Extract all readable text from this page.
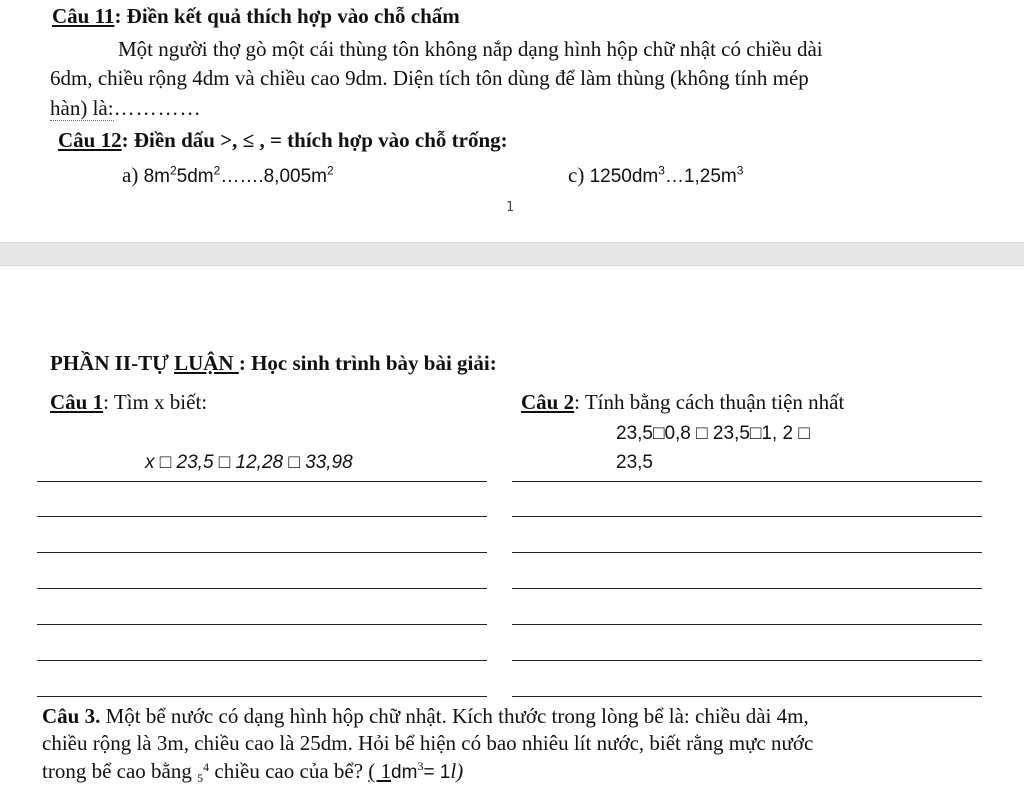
Câu 11: Điền kết quả thích hợp vào chỗ chấm
Một người thợ gò một cái thùng tôn không nắp dạng hình hộp chữ nhật có chiều dài
6dm, chiều rộng 4dm và chiều cao 9dm. Diện tích tôn dùng để làm thùng (không tính mép
hàn) là:…………
Câu 12: Điền dấu >, ≤ , = thích hợp vào chỗ trống:
a) $8m^25dm^2\dots\dots.8,005m^2$	c) $1250dm^3\dots 1,25m^3$
1
PHẦN II-TỰ LUẬN : Học sinh trình bày bài giải:
Câu 1: Tìm x biết:	Câu 2: Tính bằng cách thuận tiện nhất
23,5□0,8 □ 23,5□1, 2 □
x □ 23,5 □ 12,28 □ 33,98	23,5
Câu 3. Một bể nước có dạng hình hộp chữ nhật. Kích thước trong lòng bể là: chiều dài 4m,
chiều rộng là 3m, chiều cao là 25dm. Hỏi bể hiện có bao nhiêu lít nước, biết rằng mực nước
trong bể cao bằng $5^4$ chiều cao của bể? ( $1dm^3= 1l$)
